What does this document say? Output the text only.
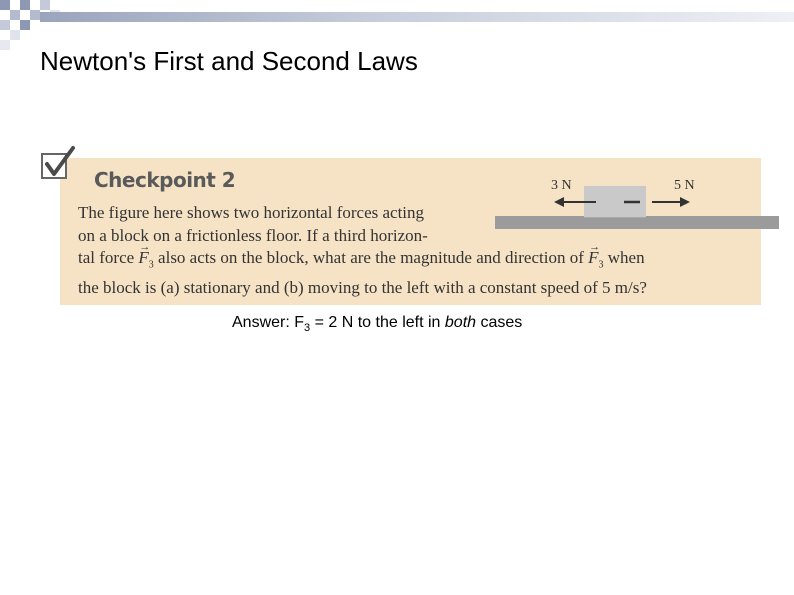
Newton's First and Second Laws
Checkpoint 2
The figure here shows two horizontal forces acting
on a block on a frictionless floor. If a third horizon-
tal force → $F_3$ also acts on the block, what are the magnitude and direction of → $F_3$ when
the block is (a) stationary and (b) moving to the left with a constant speed of 5 m/s?
3 N	5 N
Answer: $F_3 = 2$ N to the left in both cases
